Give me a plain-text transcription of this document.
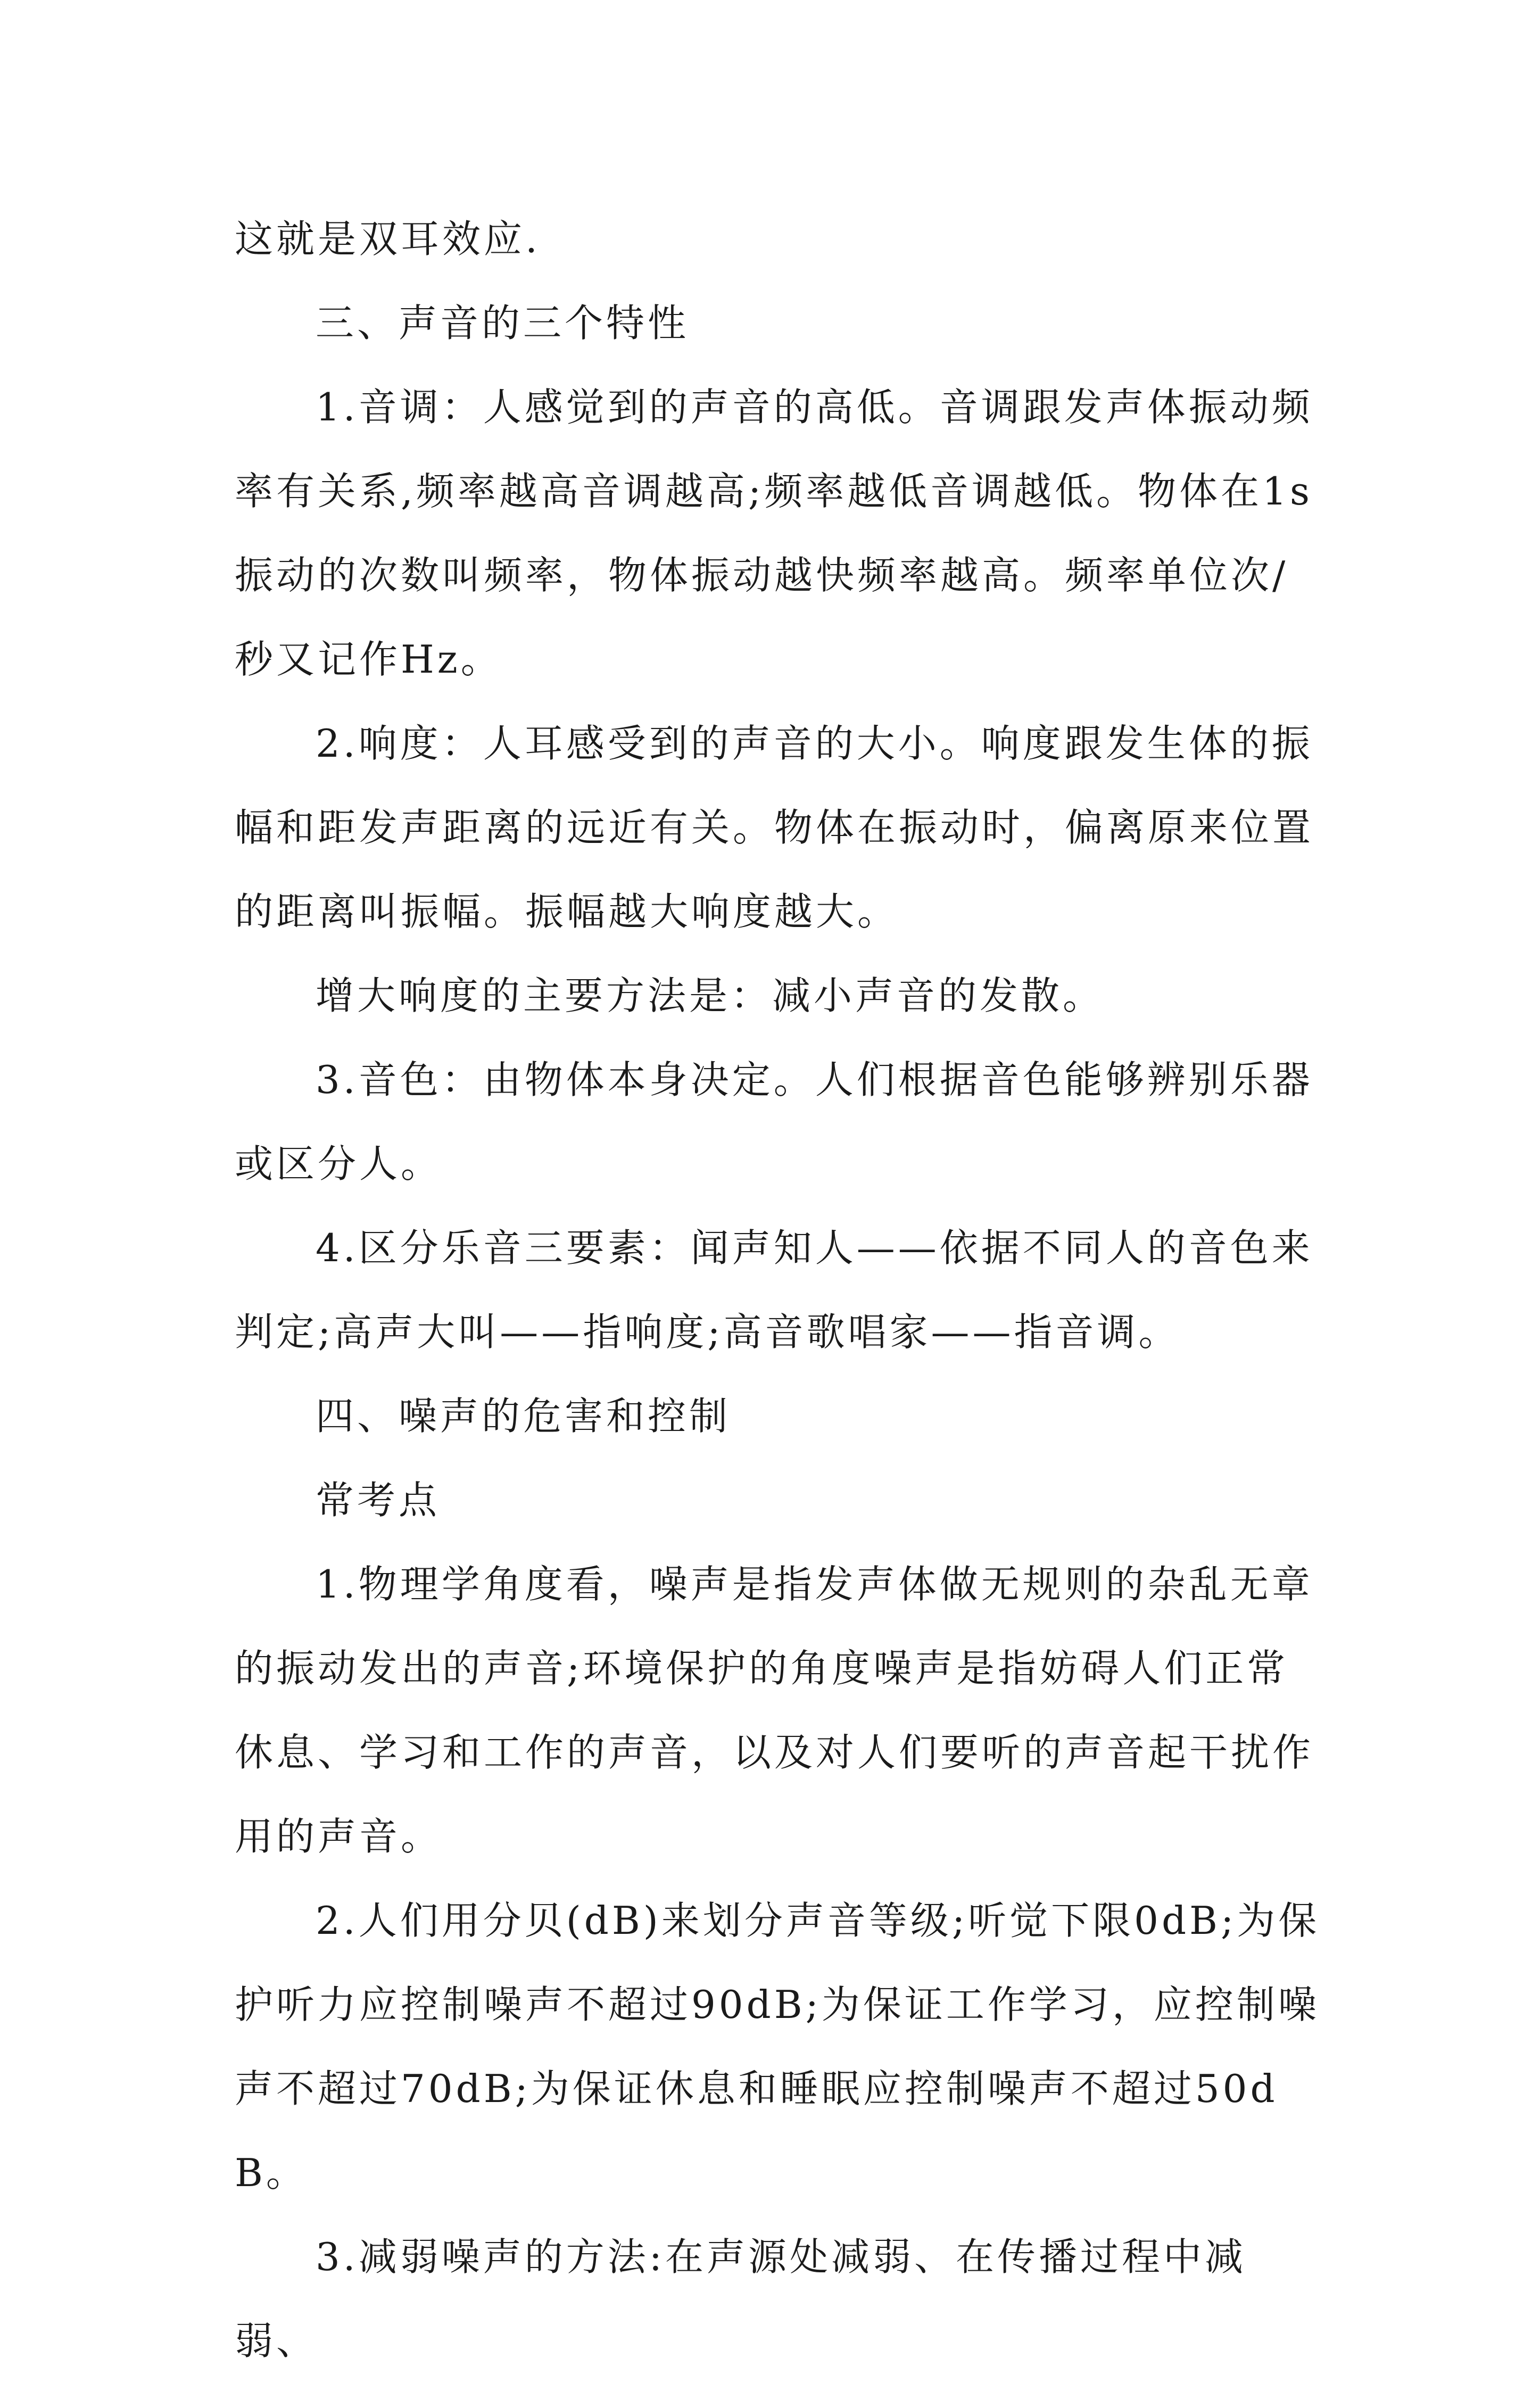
这就是双耳效应.

三、声音的三个特性

1.音调：人感觉到的声音的高低。音调跟发声体振动频率有关系,频率越高音调越高;频率越低音调越低。物体在1s振动的次数叫频率，物体振动越快频率越高。频率单位次/秒又记作Hz。

2.响度：人耳感受到的声音的大小。响度跟发生体的振幅和距发声距离的远近有关。物体在振动时，偏离原来位置的距离叫振幅。振幅越大响度越大。

增大响度的主要方法是：减小声音的发散。

3.音色：由物体本身决定。人们根据音色能够辨别乐器或区分人。

4.区分乐音三要素：闻声知人——依据不同人的音色来判定;高声大叫——指响度;高音歌唱家——指音调。

四、噪声的危害和控制

常考点

1.物理学角度看，噪声是指发声体做无规则的杂乱无章的振动发出的声音;环境保护的角度噪声是指妨碍人们正常休息、学习和工作的声音，以及对人们要听的声音起干扰作用的声音。

2.人们用分贝(dB)来划分声音等级;听觉下限0dB;为保护听力应控制噪声不超过90dB;为保证工作学习，应控制噪声不超过70dB;为保证休息和睡眠应控制噪声不超过50dB。

3.减弱噪声的方法:在声源处减弱、在传播过程中减弱、
